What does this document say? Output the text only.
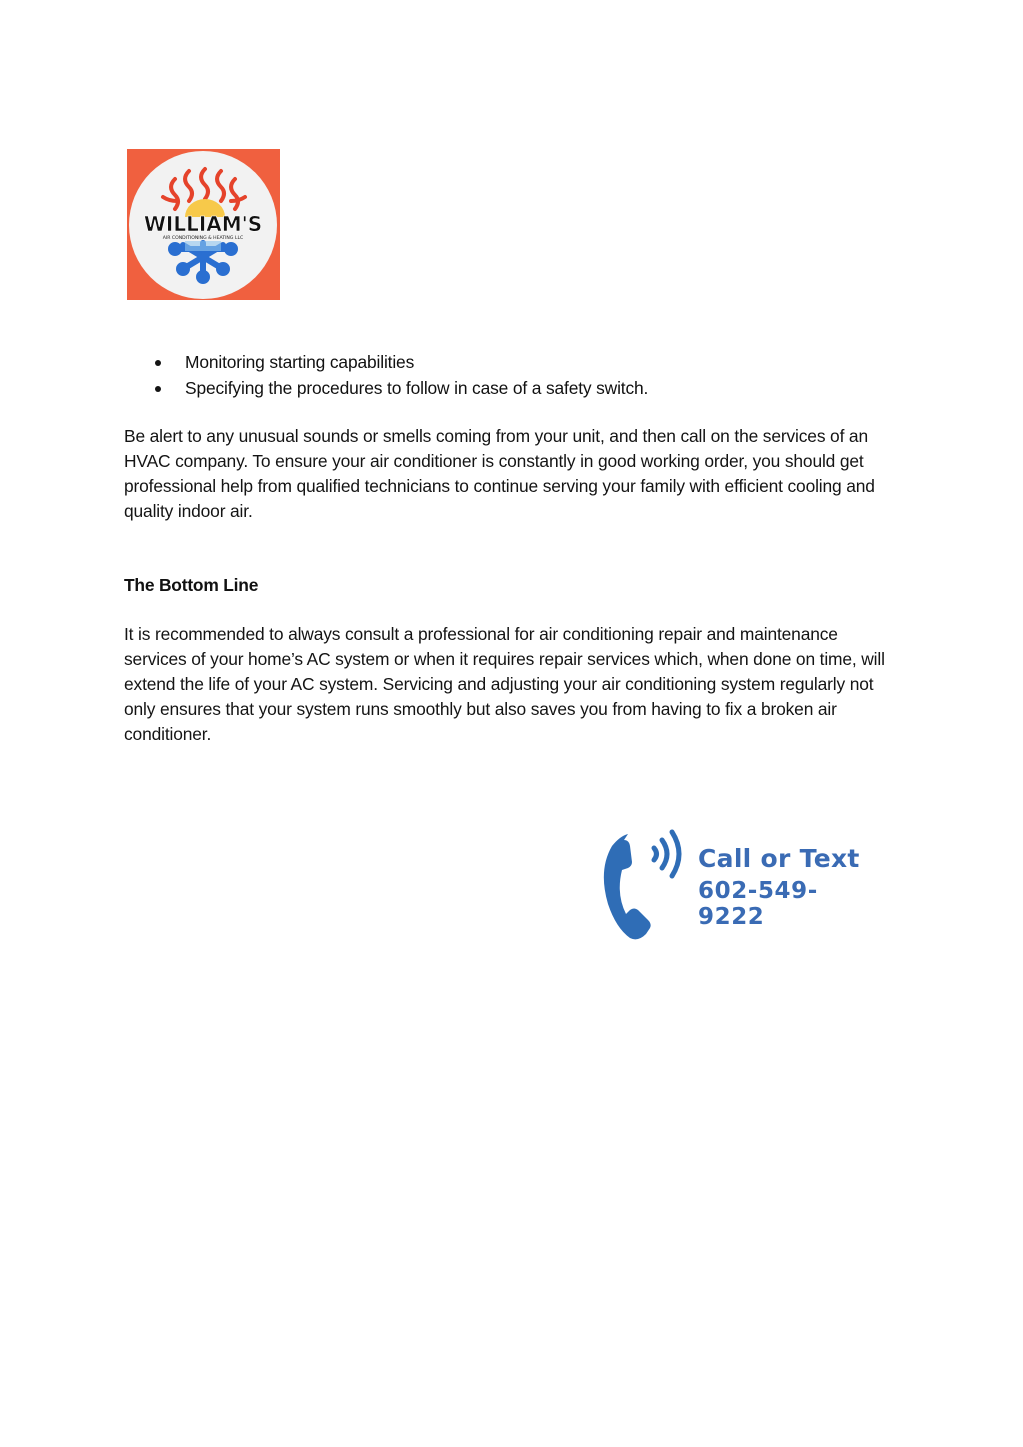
WILLIAM'S
AIR CONDITIONING & HEATING LLC
Monitoring starting capabilities
Specifying the procedures to follow in case of a safety switch.
Be alert to any unusual sounds or smells coming from your unit, and then call on the services of an HVAC company. To ensure your air conditioner is constantly in good working order, you should get professional help from qualified technicians to continue serving your family with efficient cooling and quality indoor air.
The Bottom Line
It is recommended to always consult a professional for air conditioning repair and maintenance services of your home’s AC system or when it requires repair services which, when done on time, will extend the life of your AC system. Servicing and adjusting your air conditioning system regularly not only ensures that your system runs smoothly but also saves you from having to fix a broken air conditioner.
Call or Text
602-549-9222
